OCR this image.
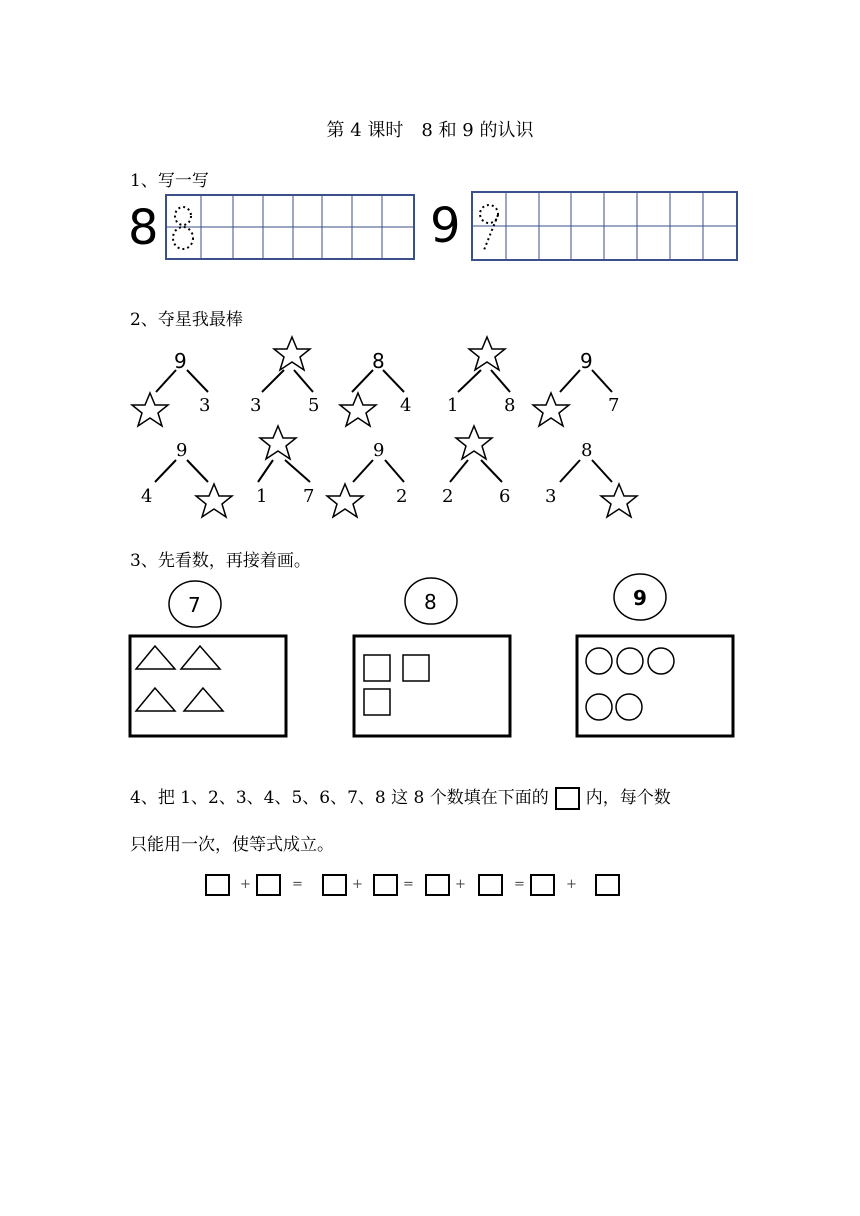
第 4 课时　8 和 9 的认识
1、写一写
8	9
2、夺星我最棒
9
3 3	5
8
4 1	8
9
7
9
4	1 7
9
2 2	6
8
3
3、先看数，再接着画。
7	8	9
4、把 1、2、3、4、5、6、7、8 这 8 个数填在下面的 内，每个数
只能用一次，使等式成立。
+	=	+	=	+	=	+
